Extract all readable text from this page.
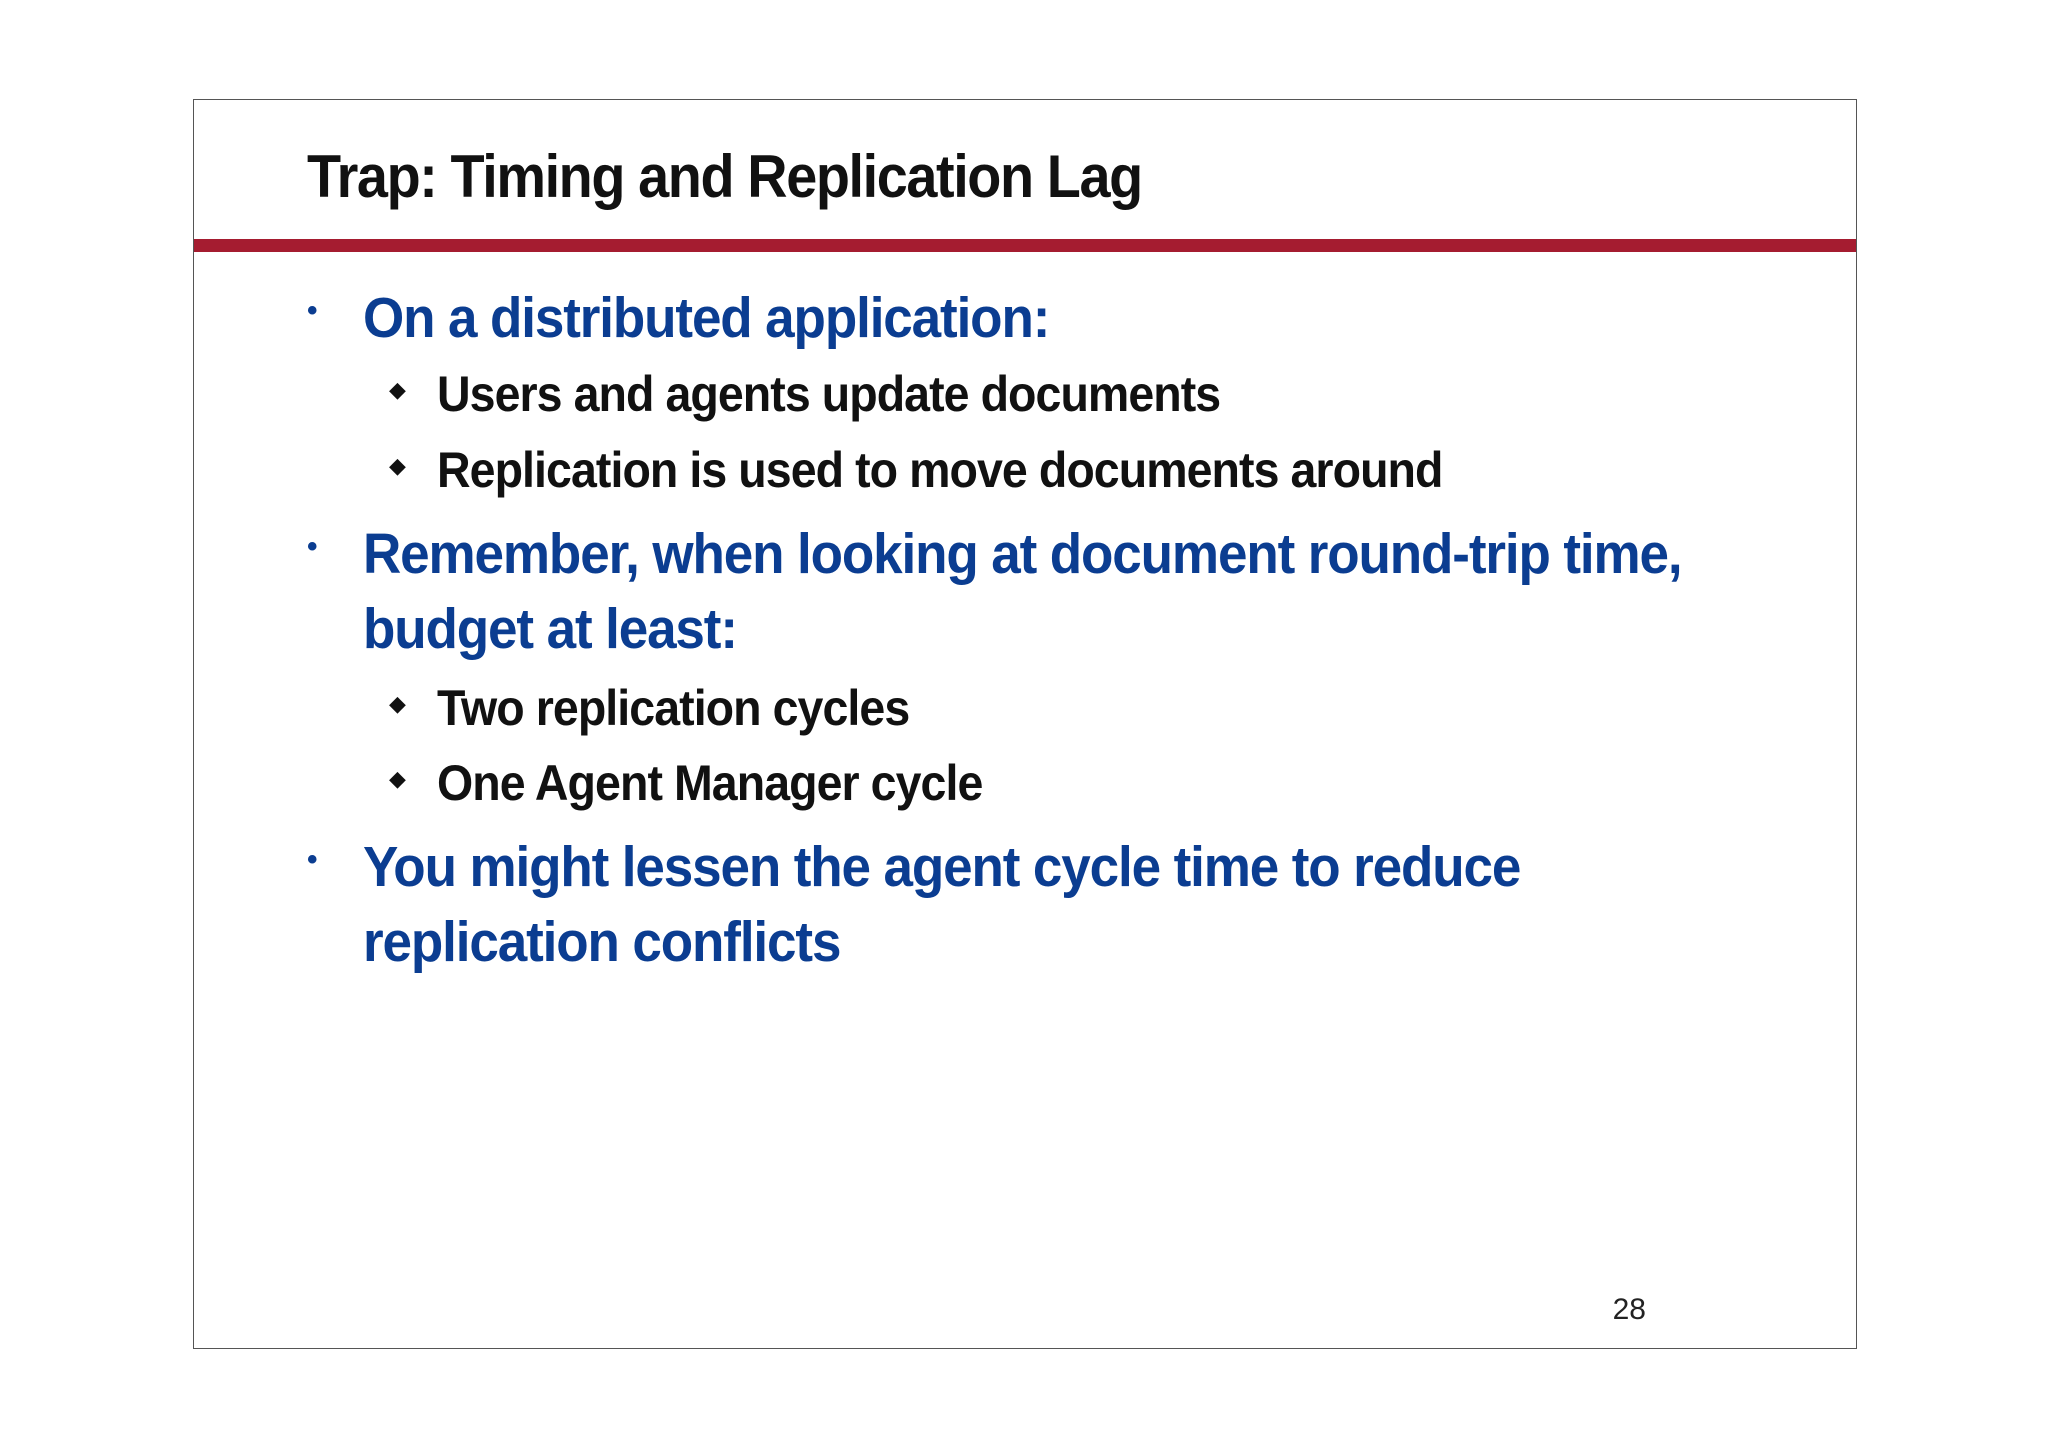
Trap: Timing and Replication Lag
• On a distributed application:
◆ Users and agents update documents
◆ Replication is used to move documents around
• Remember, when looking at document round-trip time, budget at least:
◆ Two replication cycles
◆ One Agent Manager cycle
• You might lessen the agent cycle time to reduce replication conflicts
28
